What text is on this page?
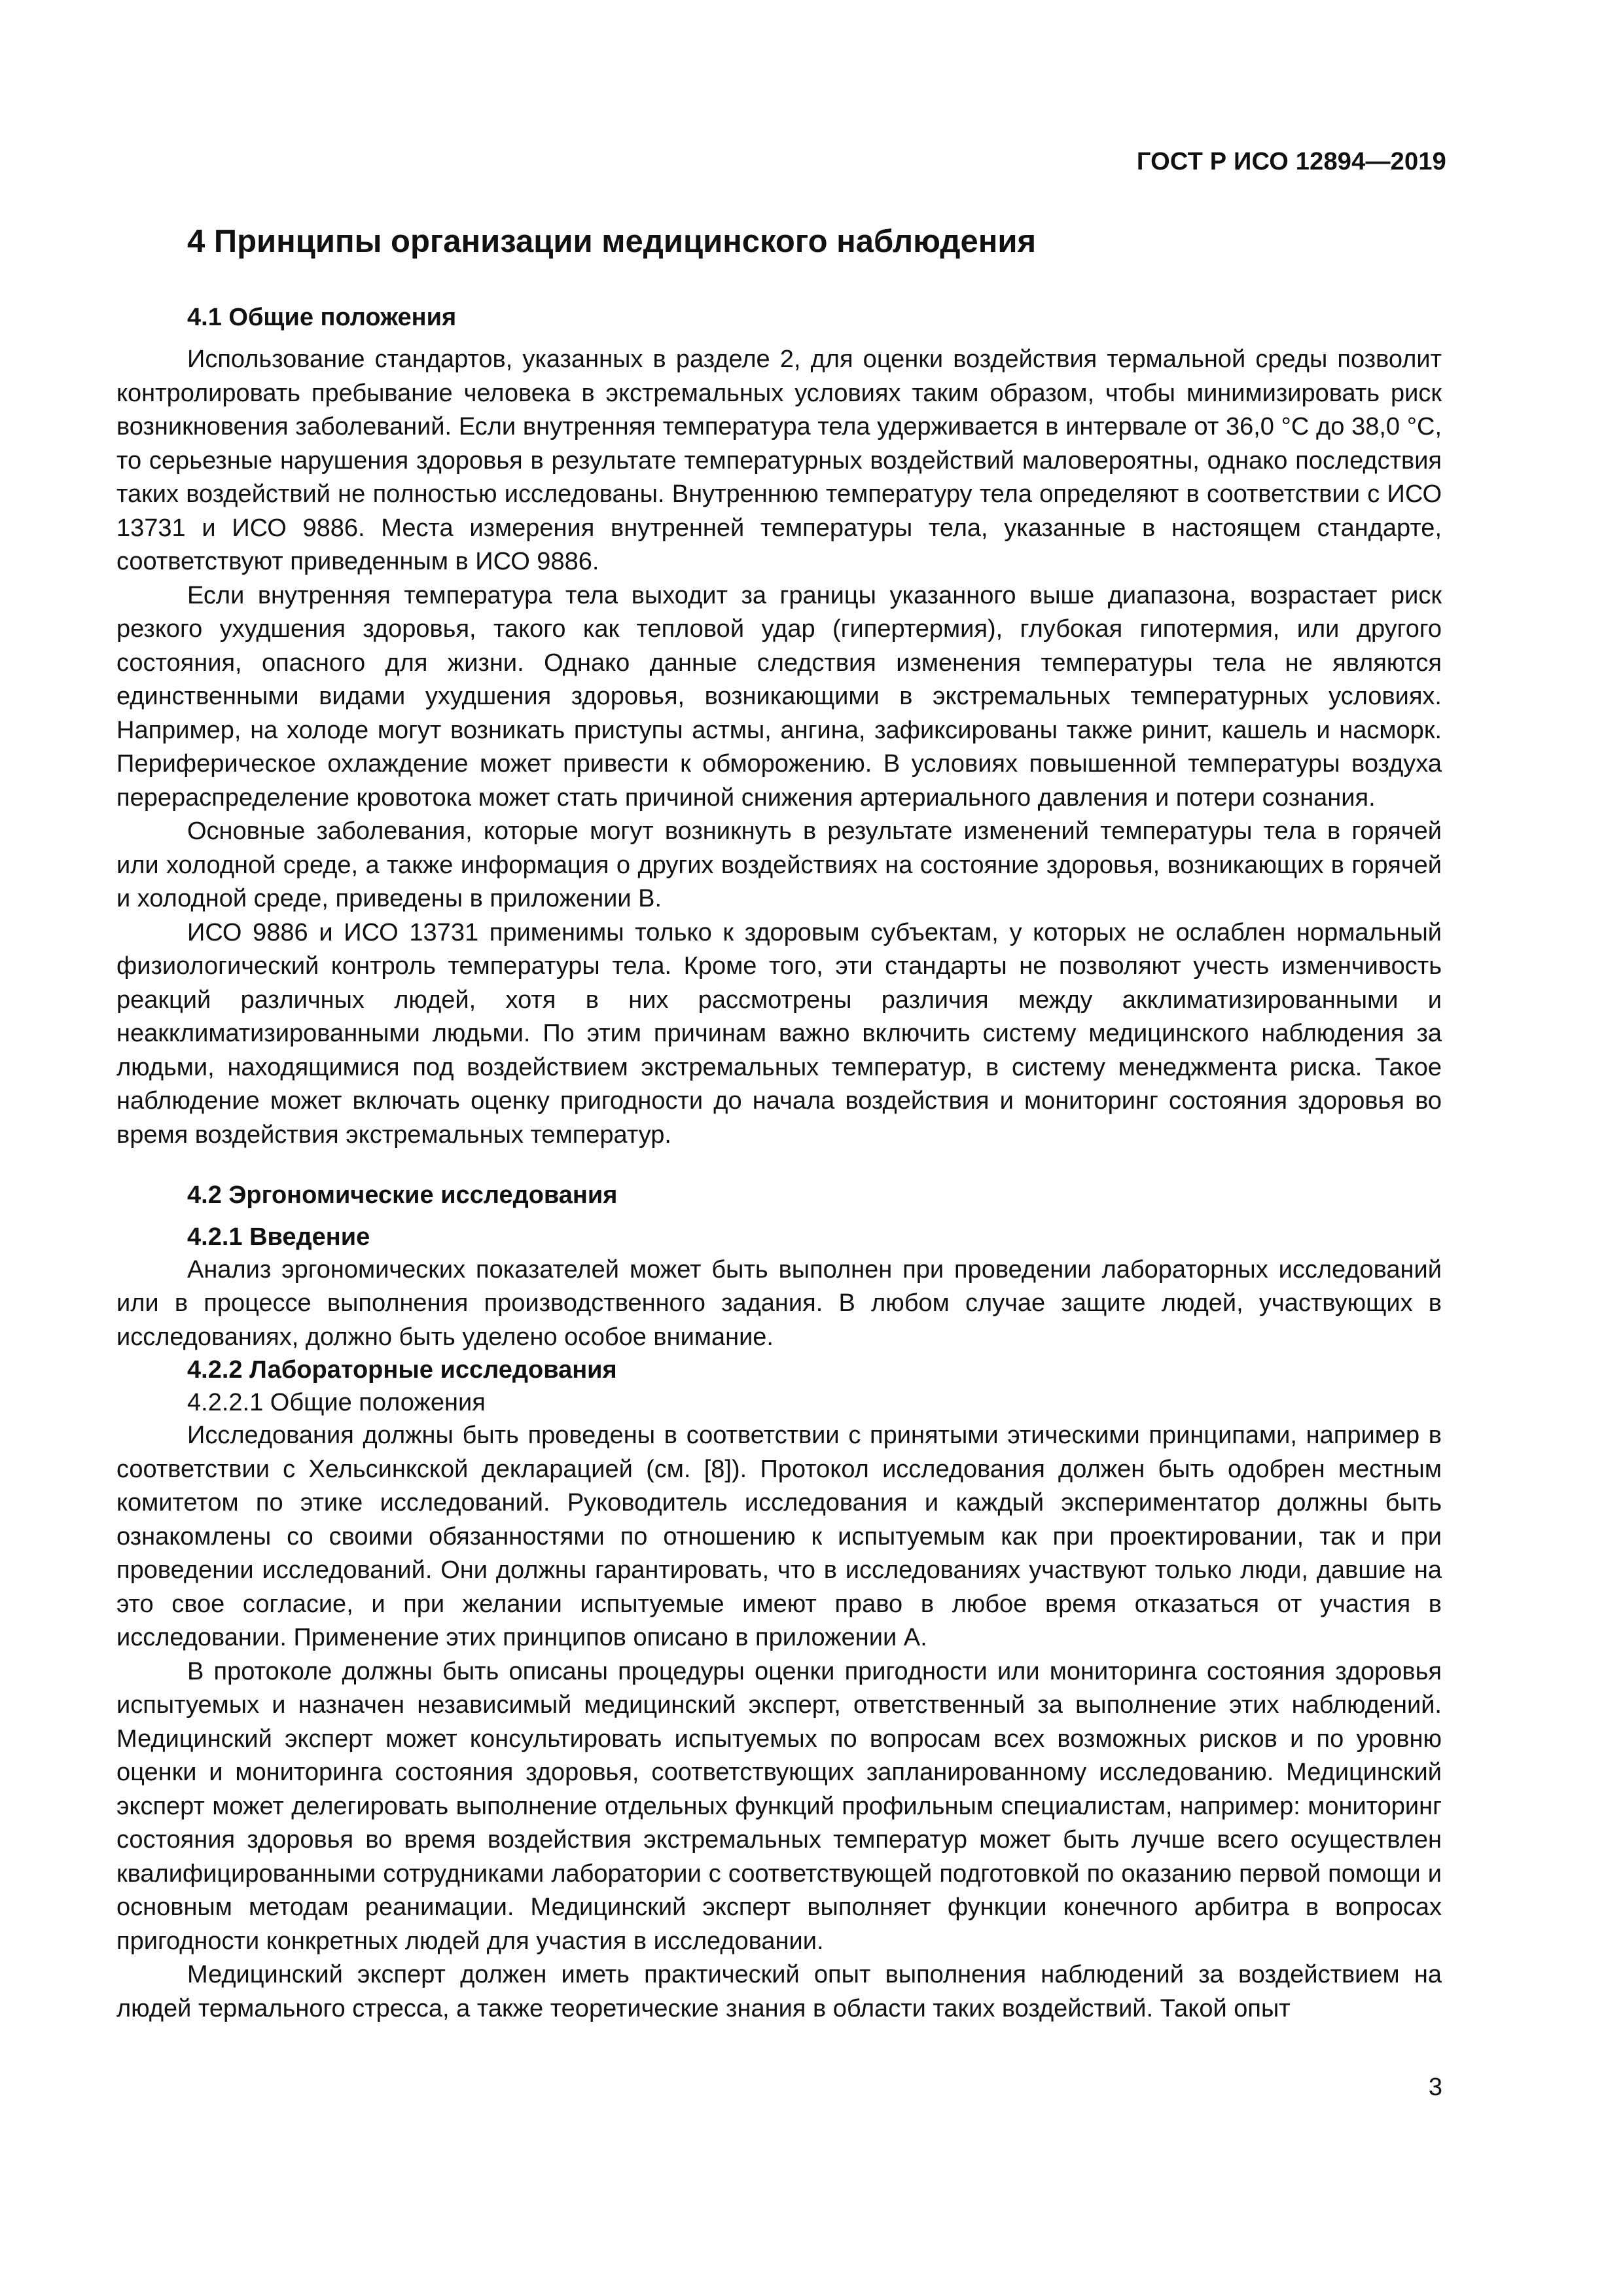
ГОСТ Р ИСО 12894—2019
4 Принципы организации медицинского наблюдения
4.1 Общие положения

Использование стандартов, указанных в разделе 2, для оценки воздействия термальной среды позволит контролировать пребывание человека в экстремальных условиях таким образом, чтобы минимизировать риск возникновения заболеваний. Если внутренняя температура тела удерживается в интервале от 36,0 °C до 38,0 °C, то серьезные нарушения здоровья в результате температурных воздействий маловероятны, однако последствия таких воздействий не полностью исследованы. Внутреннюю температуру тела определяют в соответствии с ИСО 13731 и ИСО 9886. Места измерения внутренней температуры тела, указанные в настоящем стандарте, соответствуют приведенным в ИСО 9886.

Если внутренняя температура тела выходит за границы указанного выше диапазона, возрастает риск резкого ухудшения здоровья, такого как тепловой удар (гипертермия), глубокая гипотермия, или другого состояния, опасного для жизни. Однако данные следствия изменения температуры тела не являются единственными видами ухудшения здоровья, возникающими в экстремальных температурных условиях. Например, на холоде могут возникать приступы астмы, ангина, зафиксированы также ринит, кашель и насморк. Периферическое охлаждение может привести к обморожению. В условиях повышенной температуры воздуха перераспределение кровотока может стать причиной снижения артериального давления и потери сознания.

Основные заболевания, которые могут возникнуть в результате изменений температуры тела в горячей или холодной среде, а также информация о других воздействиях на состояние здоровья, возникающих в горячей и холодной среде, приведены в приложении В.

ИСО 9886 и ИСО 13731 применимы только к здоровым субъектам, у которых не ослаблен нормальный физиологический контроль температуры тела. Кроме того, эти стандарты не позволяют учесть изменчивость реакций различных людей, хотя в них рассмотрены различия между акклиматизированными и неакклиматизированными людьми. По этим причинам важно включить систему медицинского наблюдения за людьми, находящимися под воздействием экстремальных температур, в систему менеджмента риска. Такое наблюдение может включать оценку пригодности до начала воздействия и мониторинг состояния здоровья во время воздействия экстремальных температур.

4.2 Эргономические исследования
4.2.1 Введение

Анализ эргономических показателей может быть выполнен при проведении лабораторных исследований или в процессе выполнения производственного задания. В любом случае защите людей, участвующих в исследованиях, должно быть уделено особое внимание.

4.2.2 Лабораторные исследования
4.2.2.1 Общие положения

Исследования должны быть проведены в соответствии с принятыми этическими принципами, например в соответствии с Хельсинкской декларацией (см. [8]). Протокол исследования должен быть одобрен местным комитетом по этике исследований. Руководитель исследования и каждый экспериментатор должны быть ознакомлены со своими обязанностями по отношению к испытуемым как при проектировании, так и при проведении исследований. Они должны гарантировать, что в исследованиях участвуют только люди, давшие на это свое согласие, и при желании испытуемые имеют право в любое время отказаться от участия в исследовании. Применение этих принципов описано в приложении А.

В протоколе должны быть описаны процедуры оценки пригодности или мониторинга состояния здоровья испытуемых и назначен независимый медицинский эксперт, ответственный за выполнение этих наблюдений. Медицинский эксперт может консультировать испытуемых по вопросам всех возможных рисков и по уровню оценки и мониторинга состояния здоровья, соответствующих запланированному исследованию. Медицинский эксперт может делегировать выполнение отдельных функций профильным специалистам, например: мониторинг состояния здоровья во время воздействия экстремальных температур может быть лучше всего осуществлен квалифицированными сотрудниками лаборатории с соответствующей подготовкой по оказанию первой помощи и основным методам реанимации. Медицинский эксперт выполняет функции конечного арбитра в вопросах пригодности конкретных людей для участия в исследовании.

Медицинский эксперт должен иметь практический опыт выполнения наблюдений за воздействием на людей термального стресса, а также теоретические знания в области таких воздействий. Такой опыт

3
